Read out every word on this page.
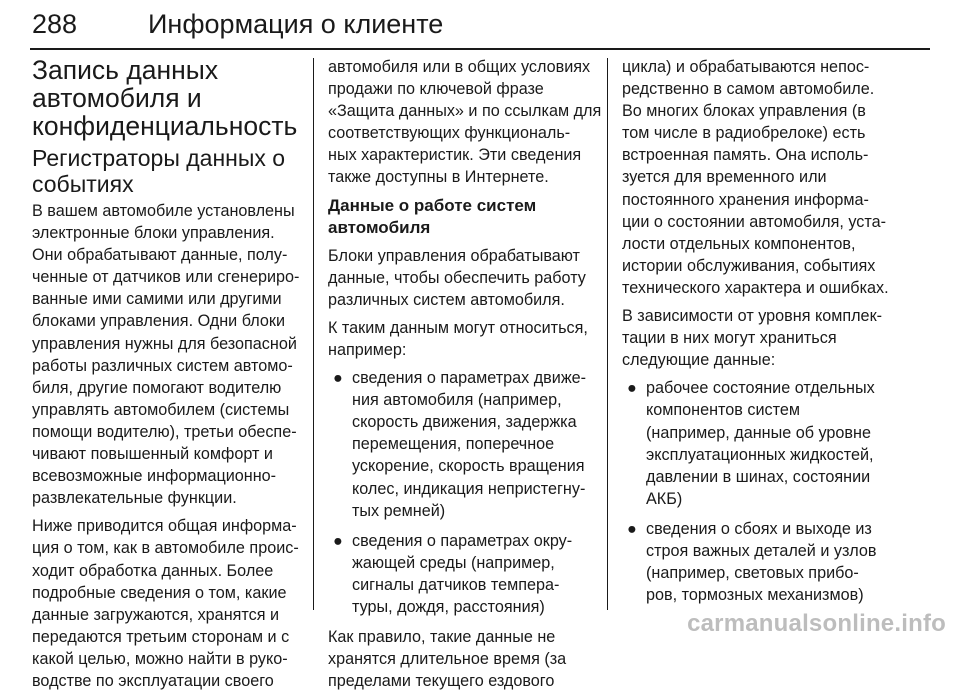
288	Информация о клиенте
Запись данных
автомобиля и
конфиденциальность
Регистраторы данных о
событиях
В вашем автомобиле установлены
электронные блоки управления.
Они обрабатывают данные, полу-
ченные от датчиков или сгенериро-
ванные ими самими или другими
блоками управления. Одни блоки
управления нужны для безопасной
работы различных систем автомо-
биля, другие помогают водителю
управлять автомобилем (системы
помощи водителю), третьи обеспе-
чивают повышенный комфорт и
всевозможные информационно-
развлекательные функции.
Ниже приводится общая информа-
ция о том, как в автомобиле проис-
ходит обработка данных. Более
подробные сведения о том, какие
данные загружаются, хранятся и
передаются третьим сторонам и с
какой целью, можно найти в руко-
водстве по эксплуатации своего
автомобиля или в общих условиях
продажи по ключевой фразе
«Защита данных» и по ссылкам для
соответствующих функциональ-
ных характеристик. Эти сведения
также доступны в Интернете.
Данные о работе систем
автомобиля
Блоки управления обрабатывают
данные, чтобы обеспечить работу
различных систем автомобиля.
К таким данным могут относиться,
например:
● сведения о параметрах движе-
ния автомобиля (например,
скорость движения, задержка
перемещения, поперечное
ускорение, скорость вращения
колес, индикация непристегну-
тых ремней)
● сведения о параметрах окру-
жающей среды (например,
сигналы датчиков темпера-
туры, дождя, расстояния)
Как правило, такие данные не
хранятся длительное время (за
пределами текущего ездового
цикла) и обрабатываются непос-
редственно в самом автомобиле.
Во многих блоках управления (в
том числе в радиобрелоке) есть
встроенная память. Она исполь-
зуется для временного или
постоянного хранения информа-
ции о состоянии автомобиля, уста-
лости отдельных компонентов,
истории обслуживания, событиях
технического характера и ошибках.
В зависимости от уровня комплек-
тации в них могут храниться
следующие данные:
● рабочее состояние отдельных
компонентов систем
(например, данные об уровне
эксплуатационных жидкостей,
давлении в шинах, состоянии
АКБ)
● сведения о сбоях и выходе из
строя важных деталей и узлов
(например, световых прибо-
ров, тормозных механизмов)
carmanualsonline.info
